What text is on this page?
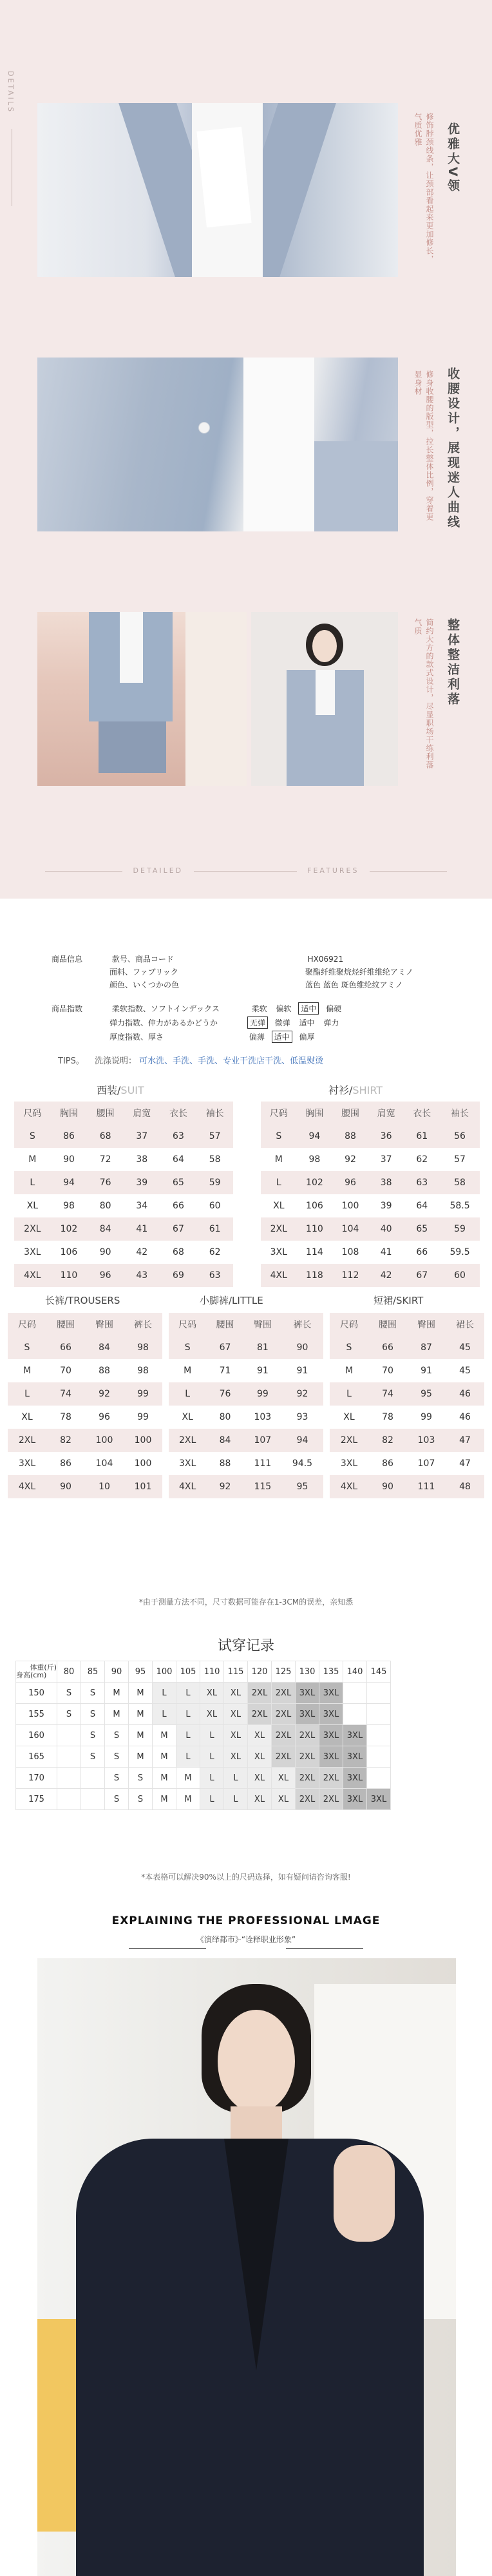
DETAILS
优雅大V领
修饰脖颈线条，让颈部看起来更加修长，气质优雅
收腰设计，展现迷人曲线
修身收腰的版型，拉长整体比例，穿着更显身材
整体整洁利落
简约大方的款式设计，尽显职场干练利落气质
DETAILED	FEATURES
商品信息	款号、商品コード	HX06921
面料、ファブリック	聚酯纤维聚烷烃纤维维纶アミノ
颜色、いくつかの色	蓝色 蓝色 斑色维纶纹アミノ
商品指数	柔软指数、ソフトインデックス	柔软 偏软 适中 偏硬
弹力指数、伸力があるかどうか	无弹 微弹 适中 弹力
厚度指数、厚さ	偏薄 适中 偏厚
TIPS。 洗涤说明： 可水洗、手洗、手洗、专业干洗店干洗、低温熨烫
西装/SUIT	衬衫/SHIRT
尺码	胸围	腰围	肩宽	衣长	袖长
S	86	68	37	63	57
M	90	72	38	64	58
L	94	76	39	65	59
XL	98	80	34	66	60
2XL	102	84	41	67	61
3XL	106	90	42	68	62
4XL	110	96	43	69	63
尺码	胸围	腰围	肩宽	衣长	袖长
S	94	88	36	61	56
M	98	92	37	62	57
L	102	96	38	63	58
XL	106	100	39	64	58.5
2XL	110	104	40	65	59
3XL	114	108	41	66	59.5
4XL	118	112	42	67	60
长裤/TROUSERS	小脚裤/LITTLE	短裙/SKIRT
尺码	腰围	臀围	裤长
S	66	84	98
M	70	88	98
L	74	92	99
XL	78	96	99
2XL	82	100	100
3XL	86	104	100
4XL	90	10	101
尺码	腰围	臀围	裤长
S	67	81	90
M	71	91	91
L	76	99	92
XL	80	103	93
2XL	84	107	94
3XL	88	111	94.5
4XL	92	115	95
尺码	腰围	臀围	裙长
S	66	87	45
M	70	91	45
L	74	95	46
XL	78	99	46
2XL	82	103	47
3XL	86	107	47
4XL	90	111	48
*由于测量方法不同，尺寸数据可能存在1-3CM的误差，亲知悉
试穿记录
体重(斤)
身高(cm)	80	85	90	95	100	105	110	115	120	125	130	135	140	145
150	S	S	M	M	L	L	XL	XL	2XL	2XL	3XL	3XL		
155	S	S	M	M	L	L	XL	XL	2XL	2XL	3XL	3XL		
160		S	S	M	M	L	L	XL	XL	2XL	2XL	3XL	3XL	
165		S	S	M	M	L	L	XL	XL	2XL	2XL	3XL	3XL	
170			S	S	M	M	L	L	XL	XL	2XL	2XL	3XL	
175			S	S	M	M	L	L	XL	XL	2XL	2XL	3XL	3XL
*本表格可以解决90%以上的尺码选择，如有疑问请咨询客服!
EXPLAINING THE PROFESSIONAL LMAGE
《演绎都市》·“诠释职业形象”
